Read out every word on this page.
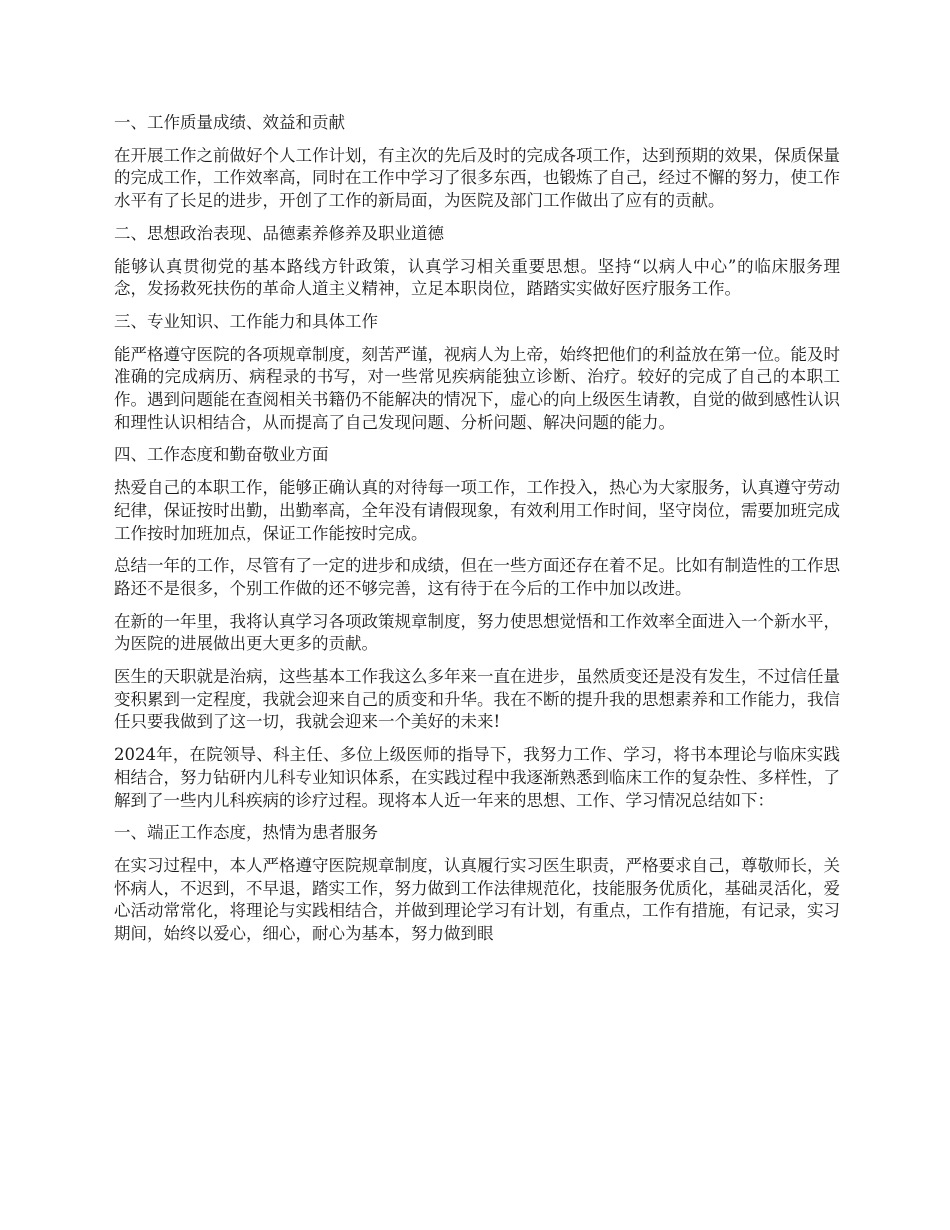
一、工作质量成绩、效益和贡献
在开展工作之前做好个人工作计划，有主次的先后及时的完成各项工作，达到预期的效果，保质保量的完成工作，工作效率高，同时在工作中学习了很多东西，也锻炼了自己，经过不懈的努力，使工作水平有了长足的进步，开创了工作的新局面，为医院及部门工作做出了应有的贡献。
二、思想政治表现、品德素养修养及职业道德
能够认真贯彻党的基本路线方针政策，认真学习相关重要思想。坚持“以病人中心”的临床服务理念，发扬救死扶伤的革命人道主义精神，立足本职岗位，踏踏实实做好医疗服务工作。
三、专业知识、工作能力和具体工作
能严格遵守医院的各项规章制度，刻苦严谨，视病人为上帝，始终把他们的利益放在第一位。能及时准确的完成病历、病程录的书写，对一些常见疾病能独立诊断、治疗。较好的完成了自己的本职工作。遇到问题能在查阅相关书籍仍不能解决的情况下，虚心的向上级医生请教，自觉的做到感性认识和理性认识相结合，从而提高了自己发现问题、分析问题、解决问题的能力。
四、工作态度和勤奋敬业方面
热爱自己的本职工作，能够正确认真的对待每一项工作，工作投入，热心为大家服务，认真遵守劳动纪律，保证按时出勤，出勤率高，全年没有请假现象，有效利用工作时间，坚守岗位，需要加班完成工作按时加班加点，保证工作能按时完成。
总结一年的工作，尽管有了一定的进步和成绩，但在一些方面还存在着不足。比如有制造性的工作思路还不是很多，个别工作做的还不够完善，这有待于在今后的工作中加以改进。
在新的一年里，我将认真学习各项政策规章制度，努力使思想觉悟和工作效率全面进入一个新水平，为医院的进展做出更大更多的贡献。
医生的天职就是治病，这些基本工作我这么多年来一直在进步，虽然质变还是没有发生，不过信任量变积累到一定程度，我就会迎来自己的质变和升华。我在不断的提升我的思想素养和工作能力，我信任只要我做到了这一切，我就会迎来一个美好的未来!
2024年，在院领导、科主任、多位上级医师的指导下，我努力工作、学习，将书本理论与临床实践相结合，努力钻研内儿科专业知识体系，在实践过程中我逐渐熟悉到临床工作的复杂性、多样性，了解到了一些内儿科疾病的诊疗过程。现将本人近一年来的思想、工作、学习情况总结如下：
一、端正工作态度，热情为患者服务
在实习过程中，本人严格遵守医院规章制度，认真履行实习医生职责，严格要求自己，尊敬师长，关怀病人，不迟到，不早退，踏实工作，努力做到工作法律规范化，技能服务优质化，基础灵活化，爱心活动常常化，将理论与实践相结合，并做到理论学习有计划，有重点，工作有措施，有记录，实习期间，始终以爱心，细心，耐心为基本，努力做到眼
